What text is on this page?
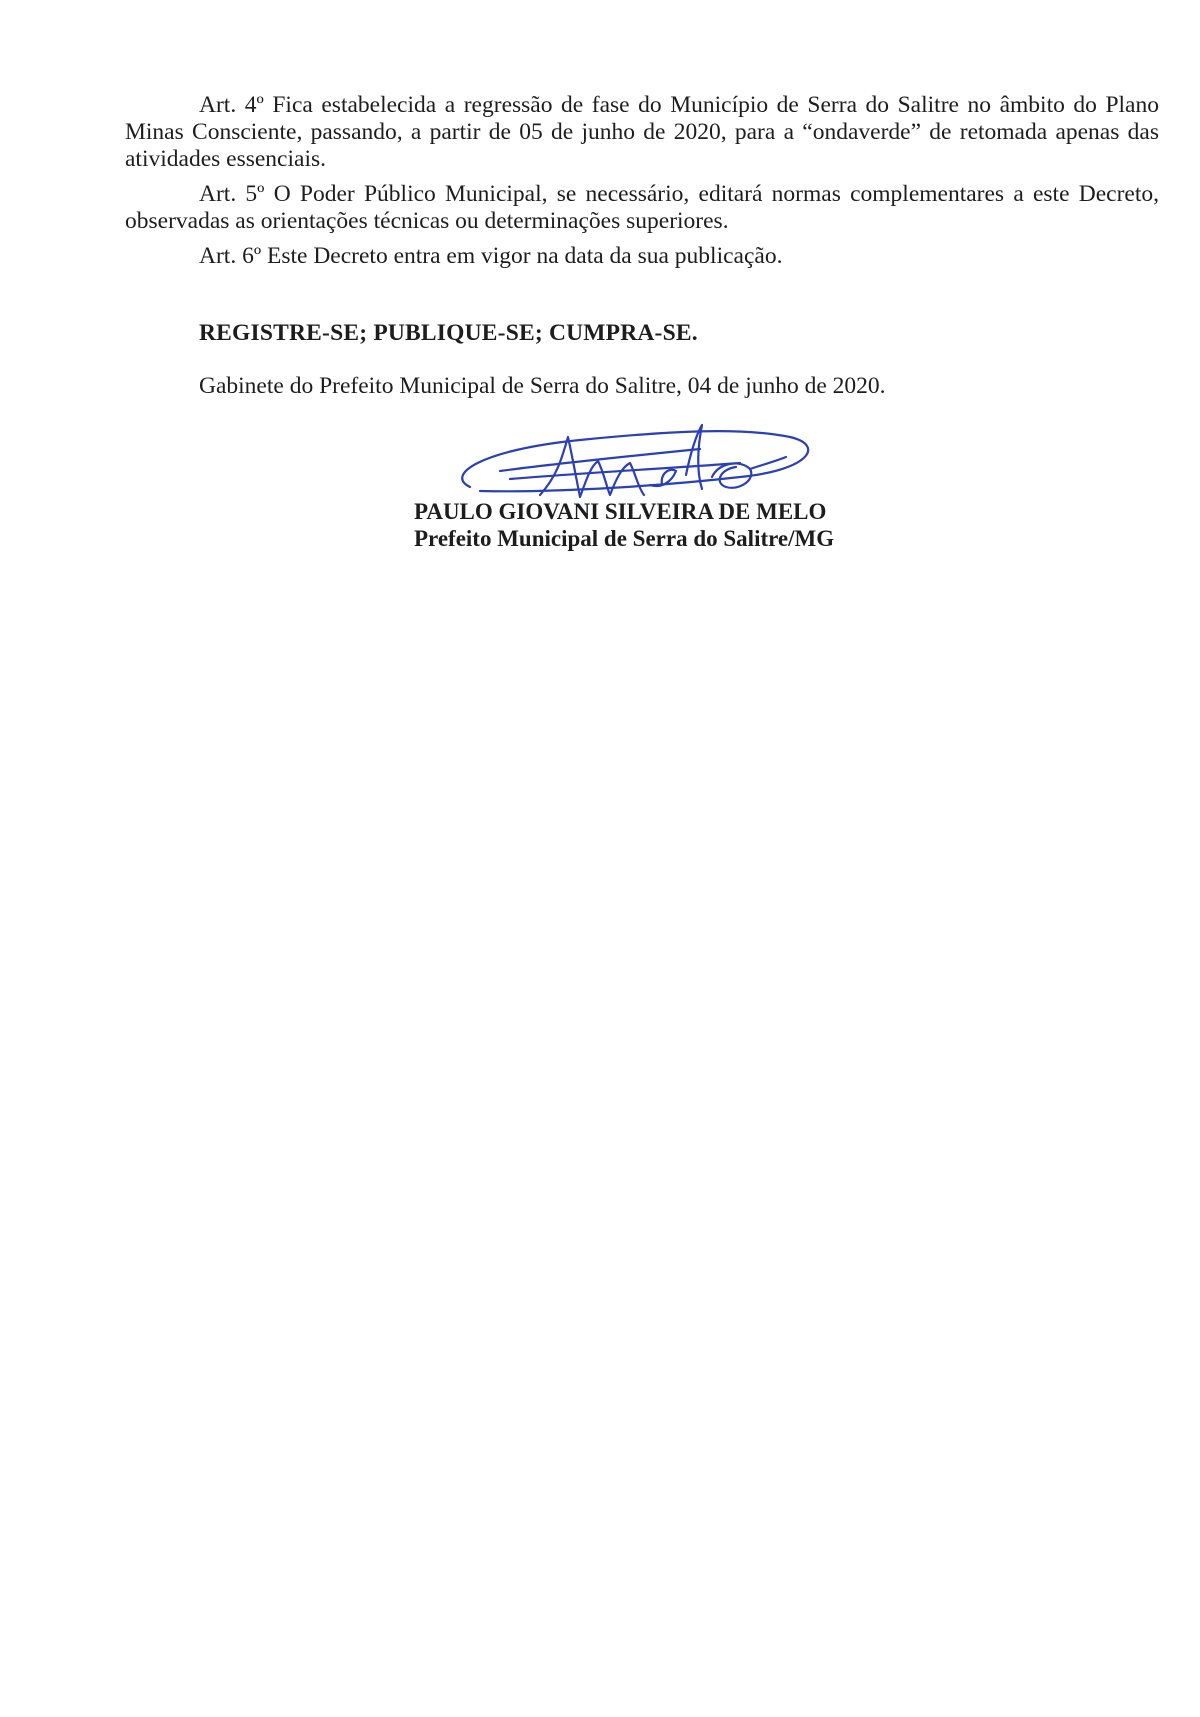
Art. 4º Fica estabelecida a regressão de fase do Município de Serra do Salitre no âmbito do Plano Minas Consciente, passando, a partir de 05 de junho de 2020, para a “ondaverde” de retomada apenas das atividades essenciais.

Art. 5º O Poder Público Municipal, se necessário, editará normas complementares a este Decreto, observadas as orientações técnicas ou determinações superiores.

Art. 6º Este Decreto entra em vigor na data da sua publicação.

REGISTRE-SE; PUBLIQUE-SE; CUMPRA-SE.
Gabinete do Prefeito Municipal de Serra do Salitre, 04 de junho de 2020.
PAULO GIOVANI SILVEIRA DE MELO
Prefeito Municipal de Serra do Salitre/MG
